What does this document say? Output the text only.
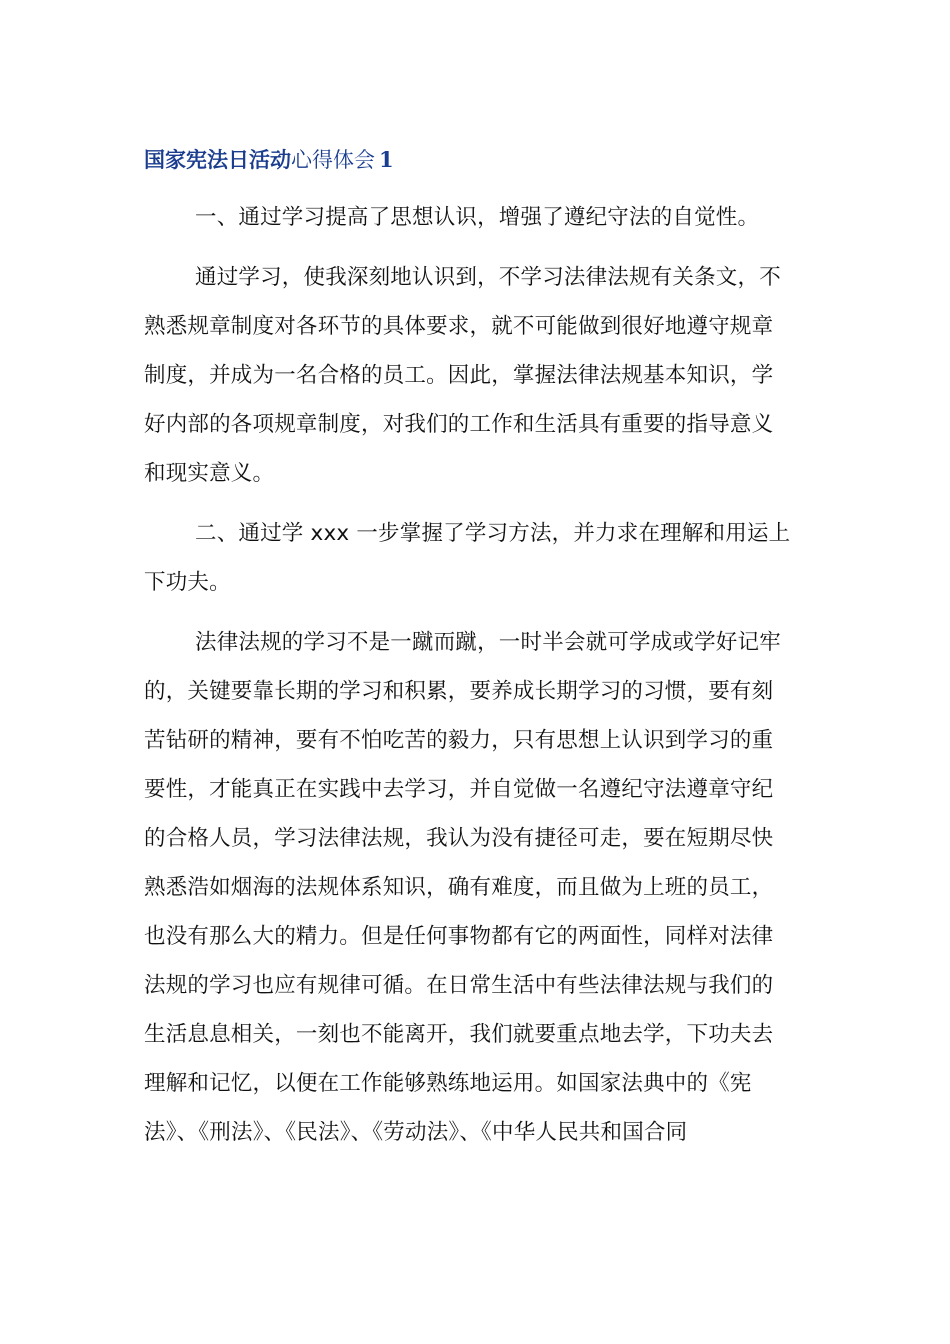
国家宪法日活动心得体会 1

一、通过学习提高了思想认识，增强了遵纪守法的自觉性。

通过学习，使我深刻地认识到，不学习法律法规有关条文，不
熟悉规章制度对各环节的具体要求，就不可能做到很好地遵守规章
制度，并成为一名合格的员工。因此，掌握法律法规基本知识，学
好内部的各项规章制度，对我们的工作和生活具有重要的指导意义
和现实意义。

二、通过学 xxx 一步掌握了学习方法，并力求在理解和用运上
下功夫。

法律法规的学习不是一蹴而蹴，一时半会就可学成或学好记牢
的，关键要靠长期的学习和积累，要养成长期学习的习惯，要有刻
苦钻研的精神，要有不怕吃苦的毅力，只有思想上认识到学习的重
要性，才能真正在实践中去学习，并自觉做一名遵纪守法遵章守纪
的合格人员，学习法律法规，我认为没有捷径可走，要在短期尽快
熟悉浩如烟海的法规体系知识，确有难度，而且做为上班的员工，
也没有那么大的精力。但是任何事物都有它的两面性，同样对法律
法规的学习也应有规律可循。在日常生活中有些法律法规与我们的
生活息息相关，一刻也不能离开，我们就要重点地去学，下功夫去
理解和记忆，以便在工作能够熟练地运用。如国家法典中的《宪
法》、《刑法》、《民法》、《劳动法》、《中华人民共和国合同
